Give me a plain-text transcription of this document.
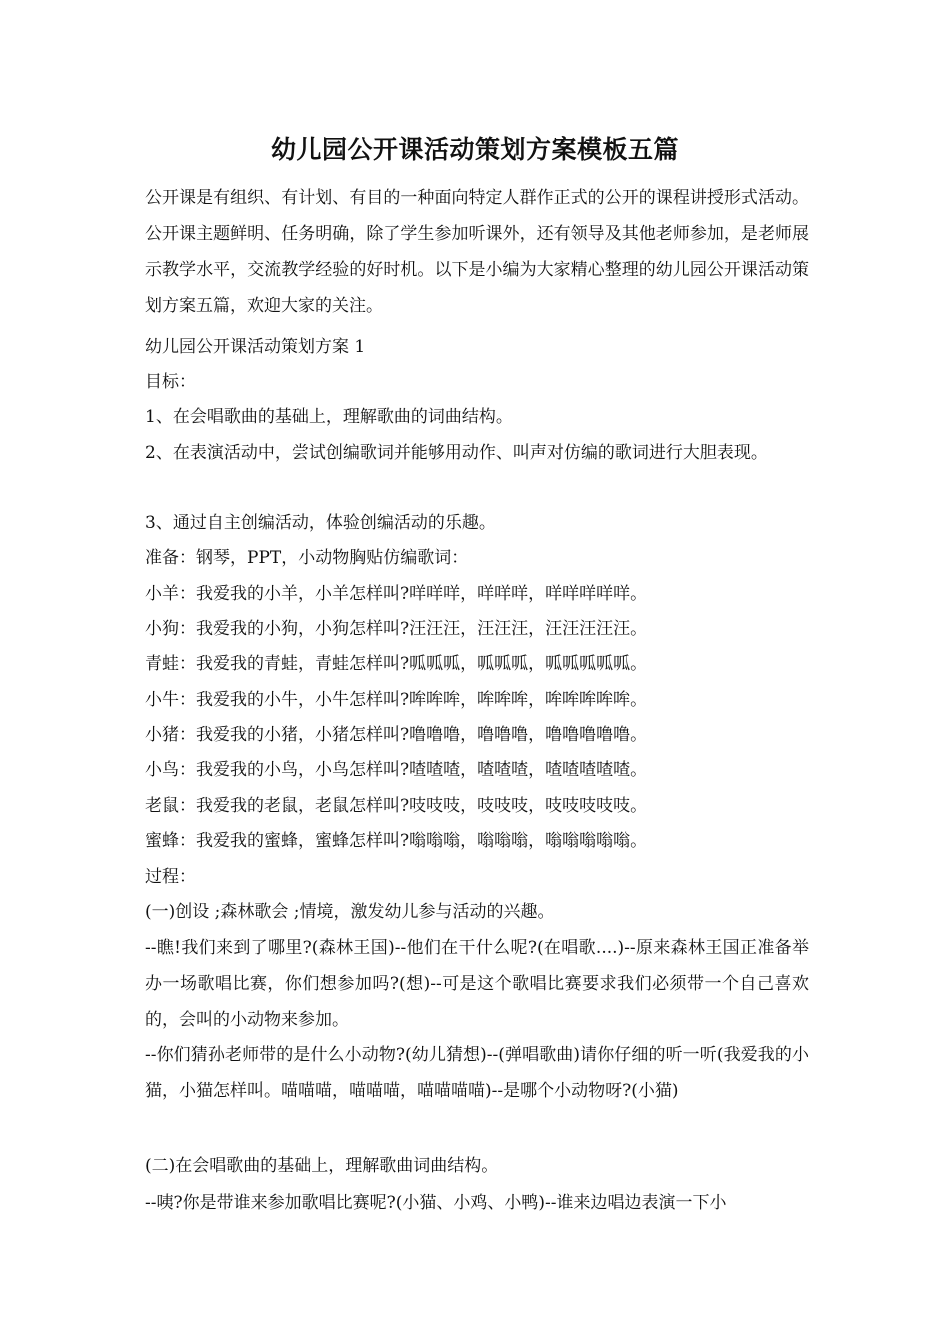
幼儿园公开课活动策划方案模板五篇

公开课是有组织、有计划、有目的一种面向特定人群作正式的公开的课程讲授形式活动。公开课主题鲜明、任务明确，除了学生参加听课外，还有领导及其他老师参加，是老师展示教学水平，交流教学经验的好时机。以下是小编为大家精心整理的幼儿园公开课活动策划方案五篇，欢迎大家的关注。

幼儿园公开课活动策划方案 1

目标：

1、在会唱歌曲的基础上，理解歌曲的词曲结构。

2、在表演活动中，尝试创编歌词并能够用动作、叫声对仿编的歌词进行大胆表现。

3、通过自主创编活动，体验创编活动的乐趣。

准备：钢琴，PPT，小动物胸贴仿编歌词：

小羊：我爱我的小羊，小羊怎样叫?咩咩咩，咩咩咩，咩咩咩咩咩。

小狗：我爱我的小狗，小狗怎样叫?汪汪汪，汪汪汪，汪汪汪汪汪。

青蛙：我爱我的青蛙，青蛙怎样叫?呱呱呱，呱呱呱，呱呱呱呱呱。

小牛：我爱我的小牛，小牛怎样叫?哞哞哞，哞哞哞，哞哞哞哞哞。

小猪：我爱我的小猪，小猪怎样叫?噜噜噜，噜噜噜，噜噜噜噜噜。

小鸟：我爱我的小鸟，小鸟怎样叫?喳喳喳，喳喳喳，喳喳喳喳喳。

老鼠：我爱我的老鼠，老鼠怎样叫?吱吱吱，吱吱吱，吱吱吱吱吱。

蜜蜂：我爱我的蜜蜂，蜜蜂怎样叫?嗡嗡嗡，嗡嗡嗡，嗡嗡嗡嗡嗡。

过程：

(一)创设 ;森林歌会 ;情境，激发幼儿参与活动的兴趣。

--瞧!我们来到了哪里?(森林王国)--他们在干什么呢?(在唱歌....)--原来森林王国正准备举办一场歌唱比赛，你们想参加吗?(想)--可是这个歌唱比赛要求我们必须带一个自己喜欢的，会叫的小动物来参加。

--你们猜孙老师带的是什么小动物?(幼儿猜想)--(弹唱歌曲)请你仔细的听一听(我爱我的小猫，小猫怎样叫。喵喵喵，喵喵喵，喵喵喵喵)--是哪个小动物呀?(小猫)

(二)在会唱歌曲的基础上，理解歌曲词曲结构。

--咦?你是带谁来参加歌唱比赛呢?(小猫、小鸡、小鸭)--谁来边唱边表演一下小
